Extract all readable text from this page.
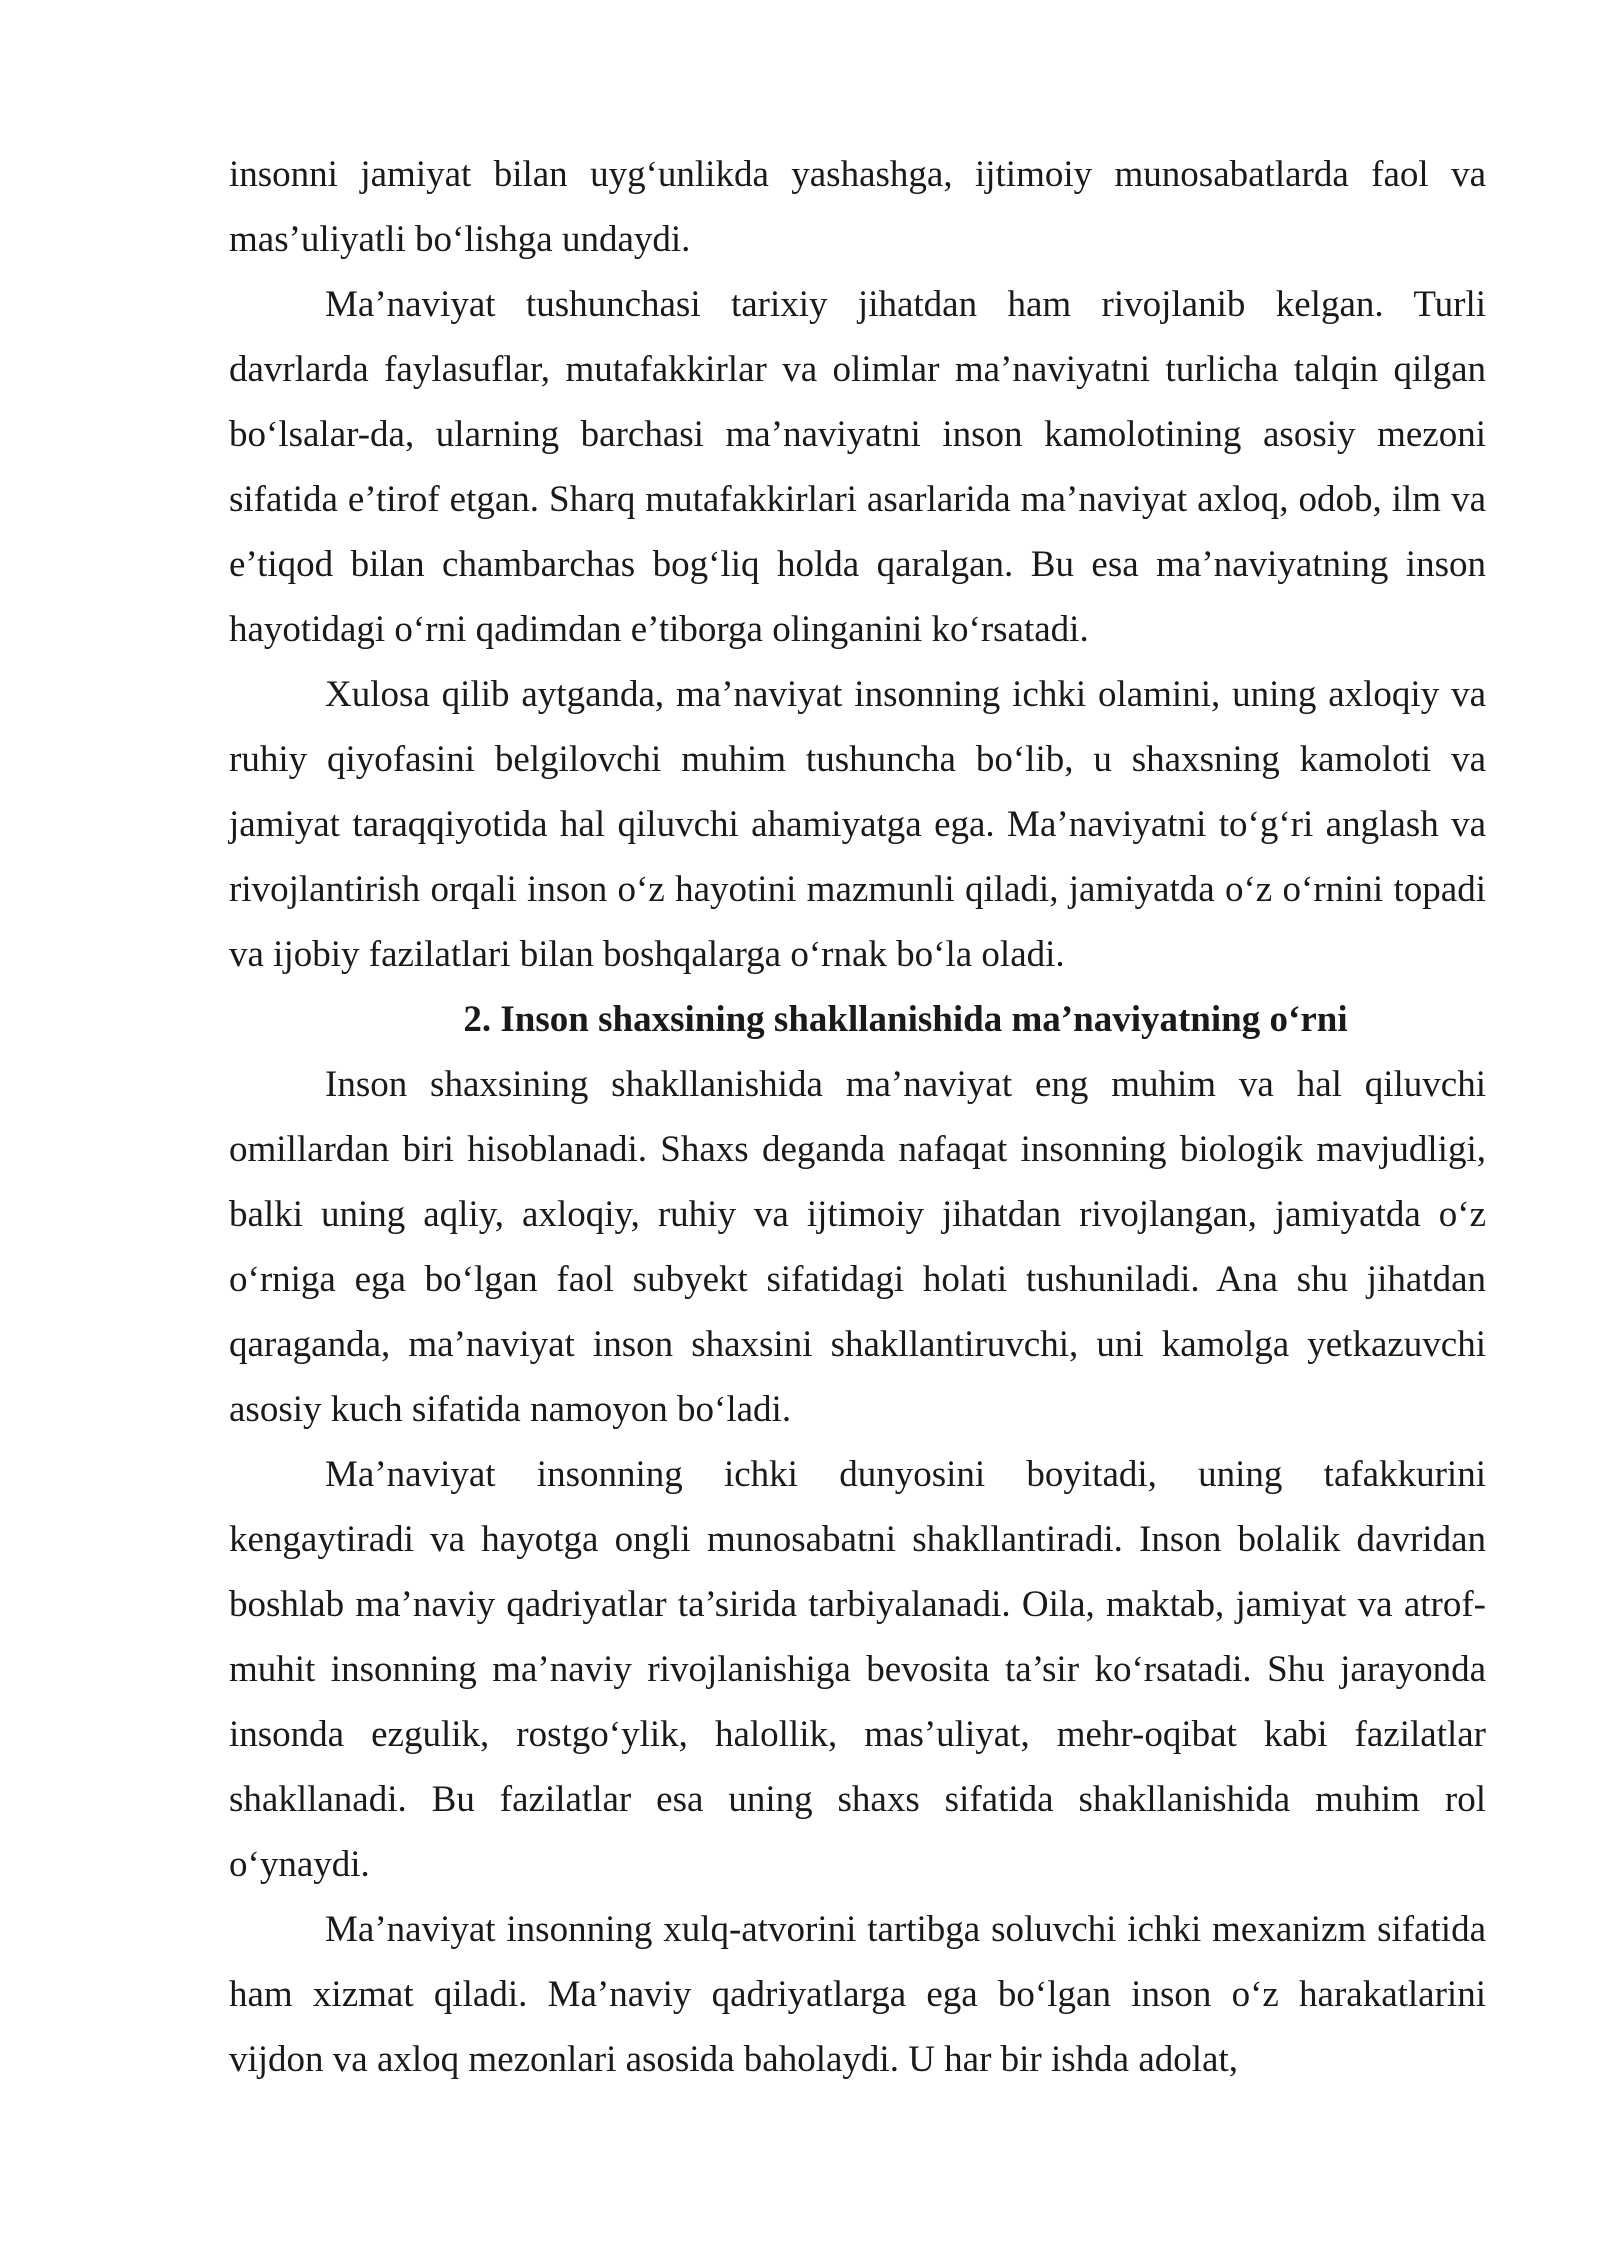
insonni jamiyat bilan uyg‘unlikda yashashga, ijtimoiy munosabatlarda faol va mas’uliyatli bo‘lishga undaydi.

Ma’naviyat tushunchasi tarixiy jihatdan ham rivojlanib kelgan. Turli davrlarda faylasuflar, mutafakkirlar va olimlar ma’naviyatni turlicha talqin qilgan bo‘lsalar-da, ularning barchasi ma’naviyatni inson kamolotining asosiy mezoni sifatida e’tirof etgan. Sharq mutafakkirlari asarlarida ma’naviyat axloq, odob, ilm va e’tiqod bilan chambarchas bog‘liq holda qaralgan. Bu esa ma’naviyatning inson hayotidagi o‘rni qadimdan e’tiborga olinganini ko‘rsatadi.

Xulosa qilib aytganda, ma’naviyat insonning ichki olamini, uning axloqiy va ruhiy qiyofasini belgilovchi muhim tushuncha bo‘lib, u shaxsning kamoloti va jamiyat taraqqiyotida hal qiluvchi ahamiyatga ega. Ma’naviyatni to‘g‘ri anglash va rivojlantirish orqali inson o‘z hayotini mazmunli qiladi, jamiyatda o‘z o‘rnini topadi va ijobiy fazilatlari bilan boshqalarga o‘rnak bo‘la oladi.

2. Inson shaxsining shakllanishida ma’naviyatning o‘rni

Inson shaxsining shakllanishida ma’naviyat eng muhim va hal qiluvchi omillardan biri hisoblanadi. Shaxs deganda nafaqat insonning biologik mavjudligi, balki uning aqliy, axloqiy, ruhiy va ijtimoiy jihatdan rivojlangan, jamiyatda o‘z o‘rniga ega bo‘lgan faol subyekt sifatidagi holati tushuniladi. Ana shu jihatdan qaraganda, ma’naviyat inson shaxsini shakllantiruvchi, uni kamolga yetkazuvchi asosiy kuch sifatida namoyon bo‘ladi.

Ma’naviyat insonning ichki dunyosini boyitadi, uning tafakkurini kengaytiradi va hayotga ongli munosabatni shakllantiradi. Inson bolalik davridan boshlab ma’naviy qadriyatlar ta’sirida tarbiyalanadi. Oila, maktab, jamiyat va atrof-muhit insonning ma’naviy rivojlanishiga bevosita ta’sir ko‘rsatadi. Shu jarayonda insonda ezgulik, rostgo‘ylik, halollik, mas’uliyat, mehr-oqibat kabi fazilatlar shakllanadi. Bu fazilatlar esa uning shaxs sifatida shakllanishida muhim rol o‘ynaydi.

Ma’naviyat insonning xulq-atvorini tartibga soluvchi ichki mexanizm sifatida ham xizmat qiladi. Ma’naviy qadriyatlarga ega bo‘lgan inson o‘z harakatlarini vijdon va axloq mezonlari asosida baholaydi. U har bir ishda adolat,
